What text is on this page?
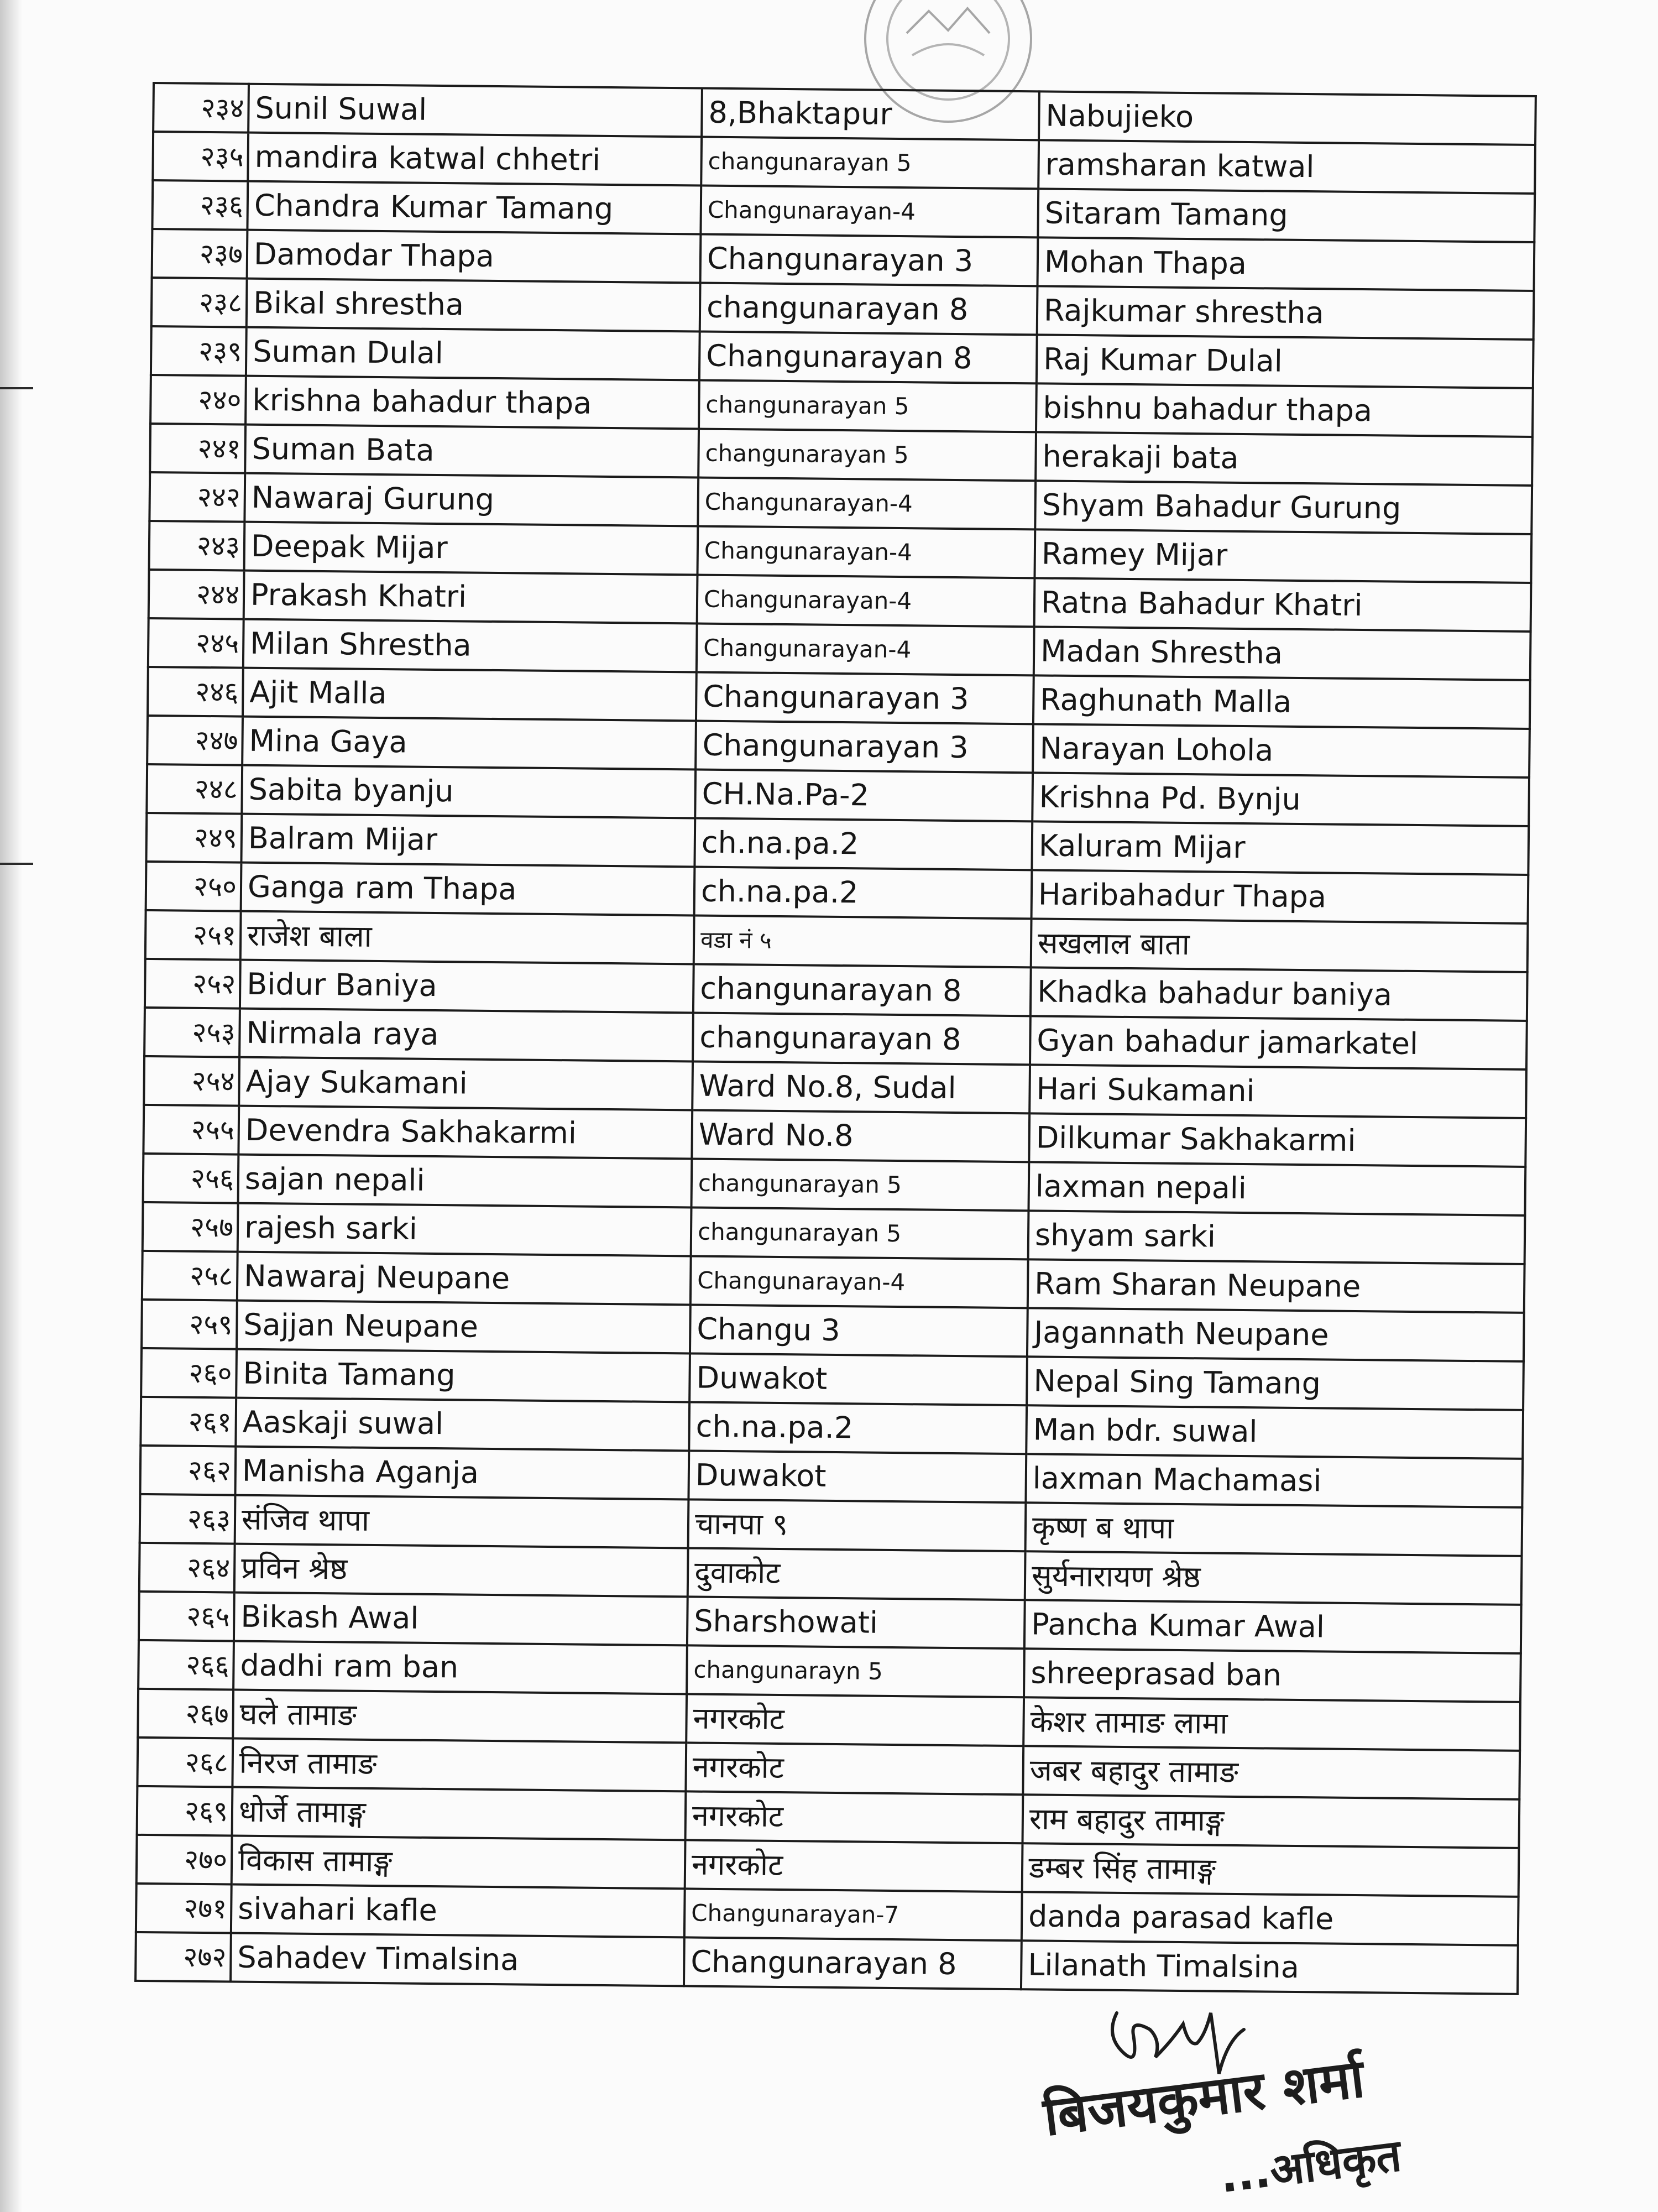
२३४	Sunil Suwal	8,Bhaktapur	Nabujieko
२३५	mandira katwal chhetri	changunarayan 5	ramsharan katwal
२३६	Chandra Kumar Tamang	Changunarayan-4	Sitaram Tamang
२३७	Damodar Thapa	Changunarayan 3	Mohan Thapa
२३८	Bikal shrestha	changunarayan 8	Rajkumar shrestha
२३९	Suman Dulal	Changunarayan 8	Raj Kumar Dulal
२४०	krishna bahadur thapa	changunarayan 5	bishnu bahadur thapa
२४१	Suman Bata	changunarayan 5	herakaji bata
२४२	Nawaraj Gurung	Changunarayan-4	Shyam Bahadur Gurung
२४३	Deepak Mijar	Changunarayan-4	Ramey Mijar
२४४	Prakash Khatri	Changunarayan-4	Ratna Bahadur Khatri
२४५	Milan Shrestha	Changunarayan-4	Madan Shrestha
२४६	Ajit Malla	Changunarayan 3	Raghunath Malla
२४७	Mina Gaya	Changunarayan 3	Narayan Lohola
२४८	Sabita byanju	CH.Na.Pa-2	Krishna Pd. Bynju
२४९	Balram Mijar	ch.na.pa.2	Kaluram Mijar
२५०	Ganga ram Thapa	ch.na.pa.2	Haribahadur Thapa
२५१	राजेश बाला	वडा नं ५	सखलाल बाता
२५२	Bidur Baniya	changunarayan 8	Khadka bahadur baniya
२५३	Nirmala raya	changunarayan 8	Gyan bahadur jamarkatel
२५४	Ajay Sukamani	Ward No.8, Sudal	Hari Sukamani
२५५	Devendra Sakhakarmi	Ward No.8	Dilkumar Sakhakarmi
२५६	sajan nepali	changunarayan 5	laxman nepali
२५७	rajesh sarki	changunarayan 5	shyam sarki
२५८	Nawaraj Neupane	Changunarayan-4	Ram Sharan Neupane
२५९	Sajjan Neupane	Changu 3	Jagannath Neupane
२६०	Binita Tamang	Duwakot	Nepal Sing Tamang
२६१	Aaskaji suwal	ch.na.pa.2	Man bdr. suwal
२६२	Manisha Aganja	Duwakot	laxman Machamasi
२६३	संजिव थापा	चानपा ९	कृष्ण ब थापा
२६४	प्रविन श्रेष्ठ	दुवाकोट	सुर्यनारायण श्रेष्ठ
२६५	Bikash Awal	Sharshowati	Pancha Kumar Awal
२६६	dadhi ram ban	changunarayn 5	shreeprasad ban
२६७	घले तामाङ	नगरकोट	केशर तामाङ लामा
२६८	निरज तामाङ	नगरकोट	जबर बहादुर तामाङ
२६९	धोर्जे तामाङ्ग	नगरकोट	राम बहादुर तामाङ्ग
२७०	विकास तामाङ्ग	नगरकोट	डम्बर सिंह तामाङ्ग
२७१	sivahari kafle	Changunarayan-7	danda parasad kafle
२७२	Sahadev Timalsina	Changunarayan 8	Lilanath Timalsina
बिजयकुमार शर्मा
...अधिकृत
